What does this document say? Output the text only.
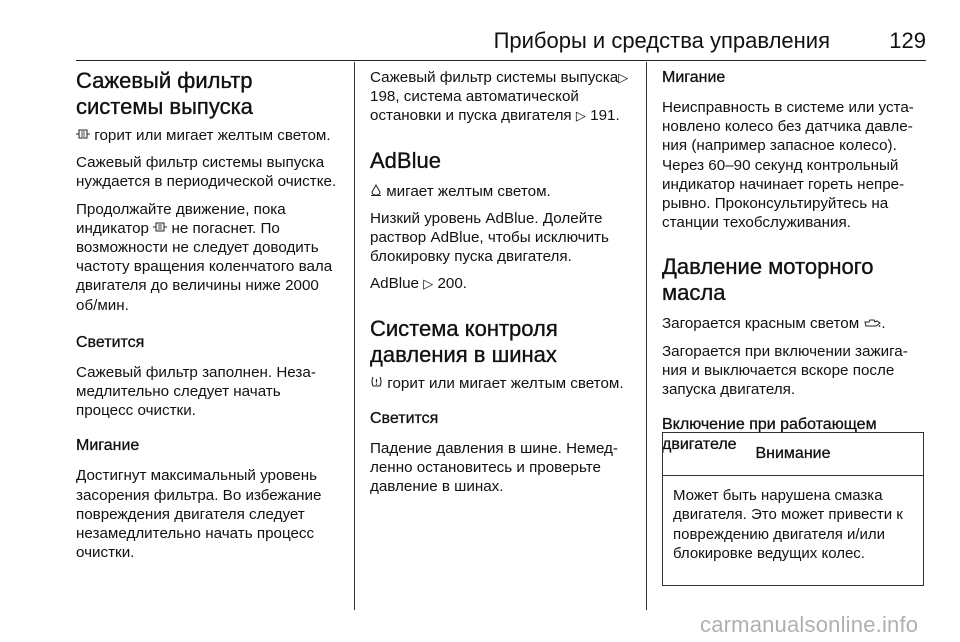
Приборы и средства управления	129
Сажевый фильтр системы выпуска

горит или мигает желтым светом.

Сажевый фильтр системы выпуска нуждается в периодической очистке.

Продолжайте движение, пока индикатор не погаснет. По возможности не следует доводить частоту вращения коленчатого вала двигателя до величины ниже 2000 об/мин.

Светится

Сажевый фильтр заполнен. Незамедлительно следует начать процесс очистки.

Мигание

Достигнут максимальный уровень засорения фильтра. Во избежание повреждения двигателя следует незамедлительно начать процесс очистки.

Сажевый фильтр системы выпуска▷ 198, система автоматической остановки и пуска двигателя ▷ 191.

AdBlue

мигает желтым светом.

Низкий уровень AdBlue. Долейте раствор AdBlue, чтобы исключить блокировку пуска двигателя.

AdBlue ▷ 200.

Система контроля давления в шинах

горит или мигает желтым светом.

Светится

Падение давления в шине. Немедленно остановитесь и проверьте давление в шинах.

Мигание

Неисправность в системе или установлено колесо без датчика давления (например запасное колесо). Через 60–90 секунд контрольный индикатор начинает гореть непрерывно. Проконсультируйтесь на станции техобслуживания.

Давление моторного масла

Загорается красным светом .

Загорается при включении зажигания и выключается вскоре после запуска двигателя.

Включение при работающем двигателе
Внимание
Может быть нарушена смазка двигателя. Это может привести к повреждению двигателя и/или блокировке ведущих колес.
carmanualsonline.info
